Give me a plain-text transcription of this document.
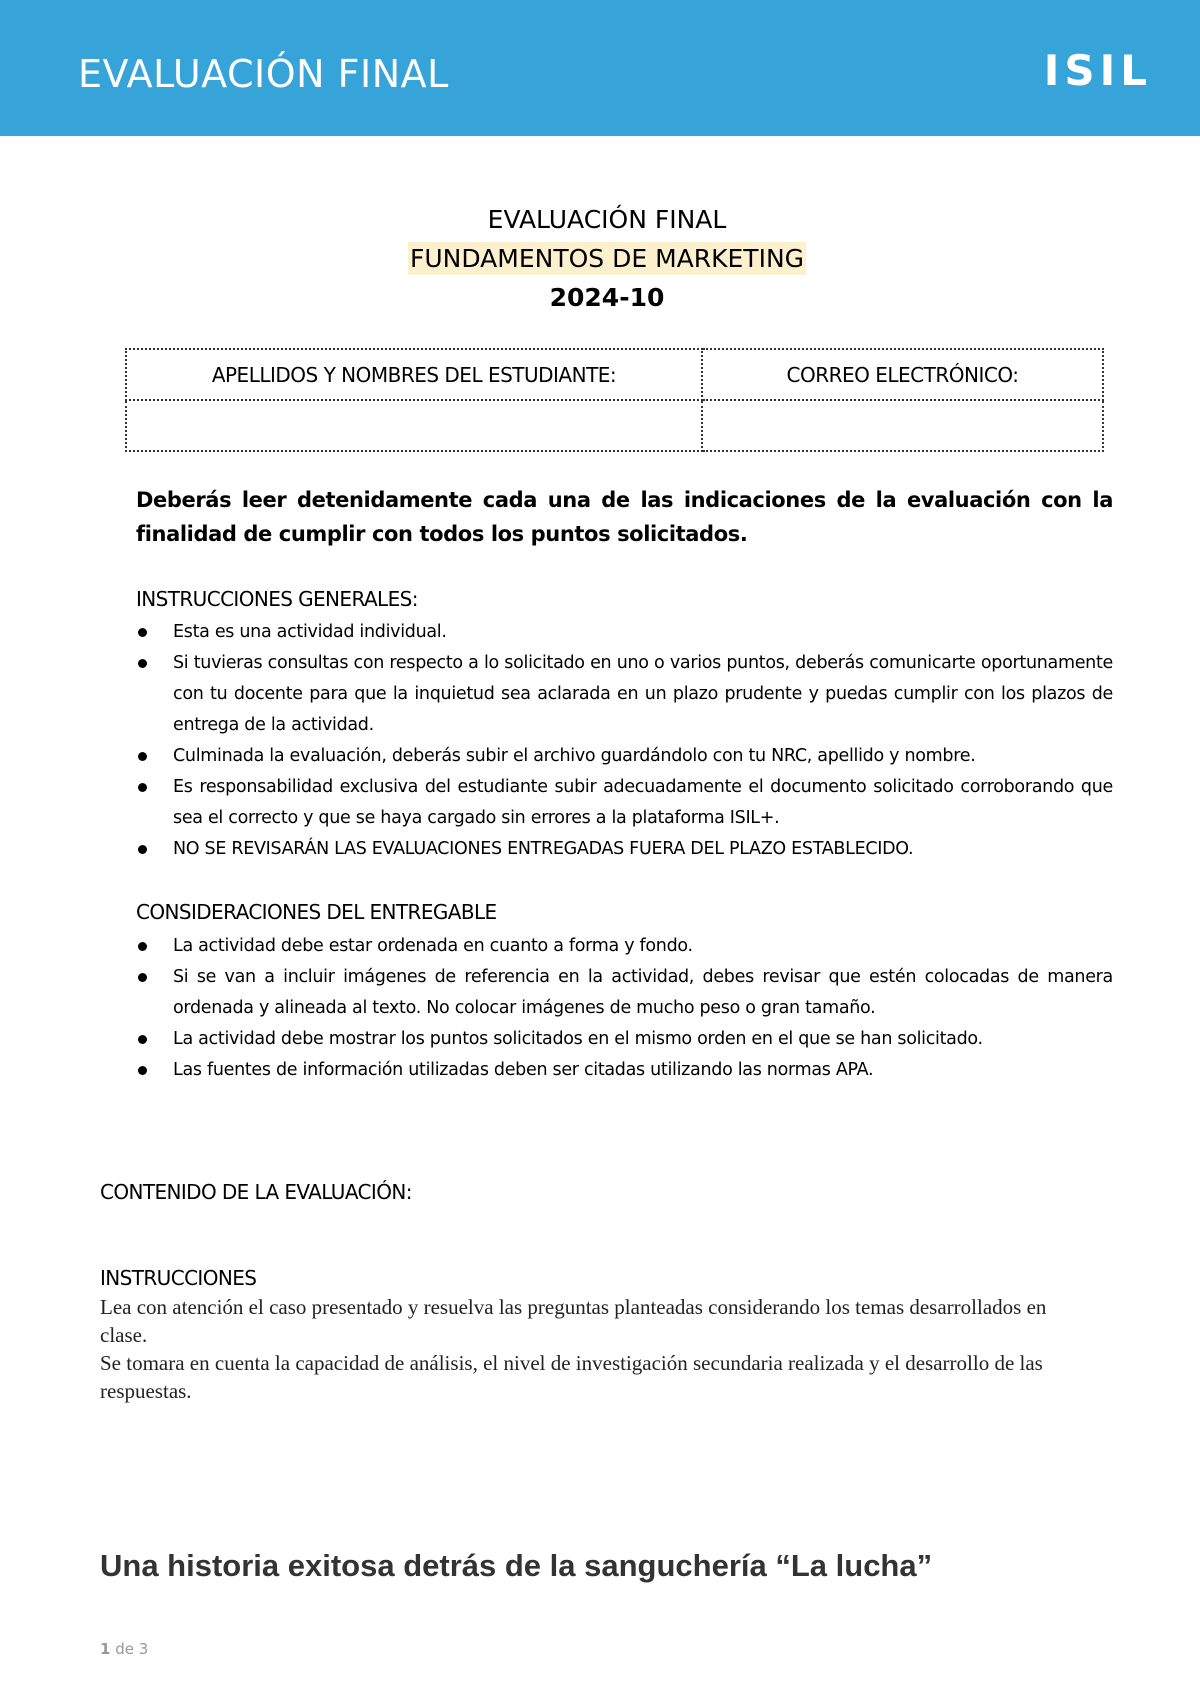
EVALUACIÓN FINAL	ISIL
EVALUACIÓN FINAL
FUNDAMENTOS DE MARKETING
2024-10
APELLIDOS Y NOMBRES DEL ESTUDIANTE:	CORREO ELECTRÓNICO:

Deberás leer detenidamente cada una de las indicaciones de la evaluación con la finalidad de cumplir con todos los puntos solicitados.
INSTRUCCIONES GENERALES:
Esta es una actividad individual.
Si tuvieras consultas con respecto a lo solicitado en uno o varios puntos, deberás comunicarte oportunamente con tu docente para que la inquietud sea aclarada en un plazo prudente y puedas cumplir con los plazos de entrega de la actividad.
Culminada la evaluación, deberás subir el archivo guardándolo con tu NRC, apellido y nombre.
Es responsabilidad exclusiva del estudiante subir adecuadamente el documento solicitado corroborando que sea el correcto y que se haya cargado sin errores a la plataforma ISIL+.
NO SE REVISARÁN LAS EVALUACIONES ENTREGADAS FUERA DEL PLAZO ESTABLECIDO.
CONSIDERACIONES DEL ENTREGABLE
La actividad debe estar ordenada en cuanto a forma y fondo.
Si se van a incluir imágenes de referencia en la actividad, debes revisar que estén colocadas de manera ordenada y alineada al texto. No colocar imágenes de mucho peso o gran tamaño.
La actividad debe mostrar los puntos solicitados en el mismo orden en el que se han solicitado.
Las fuentes de información utilizadas deben ser citadas utilizando las normas APA.
CONTENIDO DE LA EVALUACIÓN:
INSTRUCCIONES

Lea con atención el caso presentado y resuelva las preguntas planteadas considerando los temas desarrollados en clase.

Se tomara en cuenta la capacidad de análisis, el nivel de investigación secundaria realizada y el desarrollo de las respuestas.

Una historia exitosa detrás de la sanguchería “La lucha”
1 de 3
